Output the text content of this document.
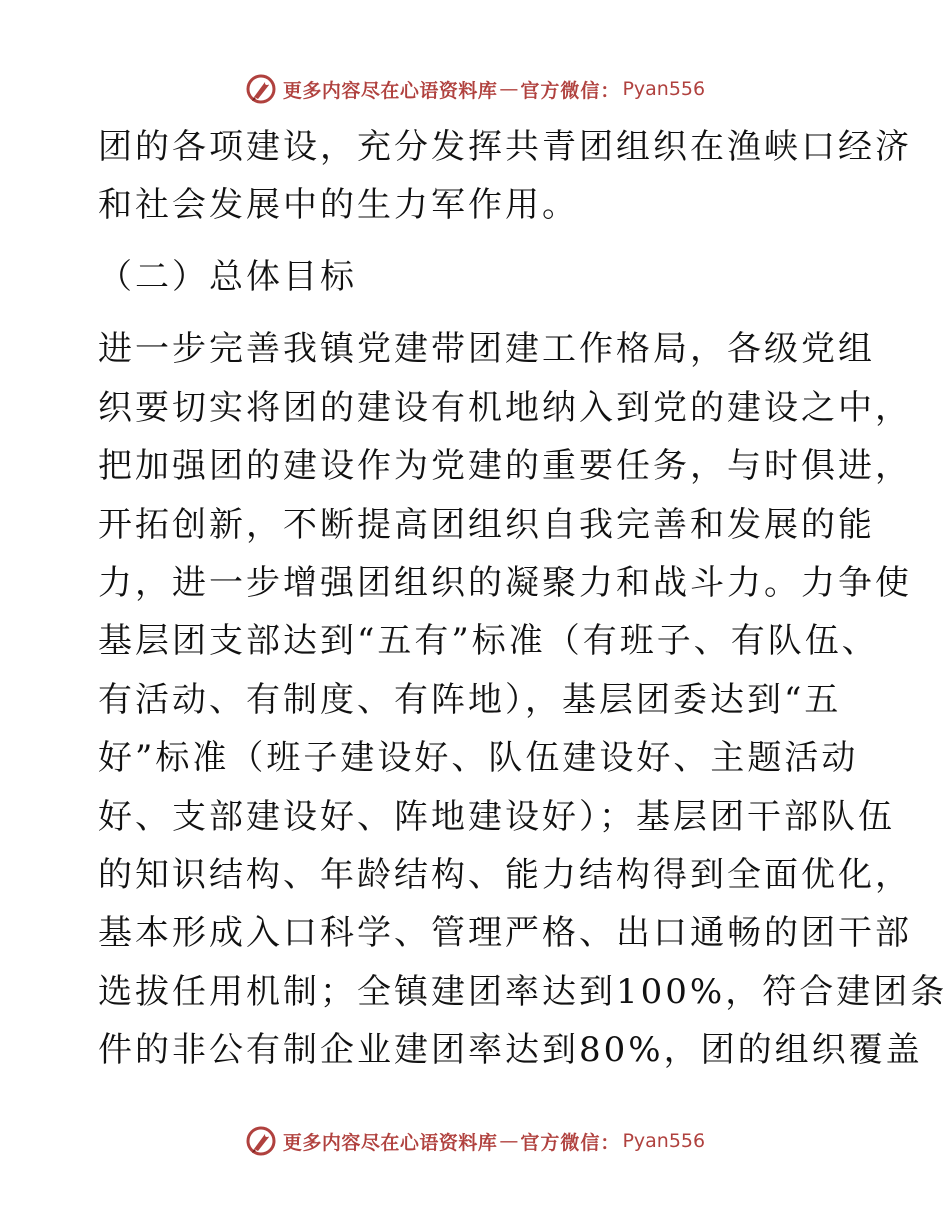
更多内容尽在心语资料库 — 官方微信： Pyan556
团的各项建设，充分发挥共青团组织在渔峡口经济
和社会发展中的生力军作用。
（二）总体目标
进一步完善我镇党建带团建工作格局，各级党组
织要切实将团的建设有机地纳入到党的建设之中，
把加强团的建设作为党建的重要任务，与时俱进，
开拓创新，不断提高团组织自我完善和发展的能
力，进一步增强团组织的凝聚力和战斗力。力争使
基层团支部达到“五有”标准（有班子、有队伍、
有活动、有制度、有阵地），基层团委达到“五
好”标准（班子建设好、队伍建设好、主题活动
好、支部建设好、阵地建设好）；基层团干部队伍
的知识结构、年龄结构、能力结构得到全面优化，
基本形成入口科学、管理严格、出口通畅的团干部
选拔任用机制；全镇建团率达到100%，符合建团条
件的非公有制企业建团率达到80%，团的组织覆盖
更多内容尽在心语资料库 — 官方微信： Pyan556
